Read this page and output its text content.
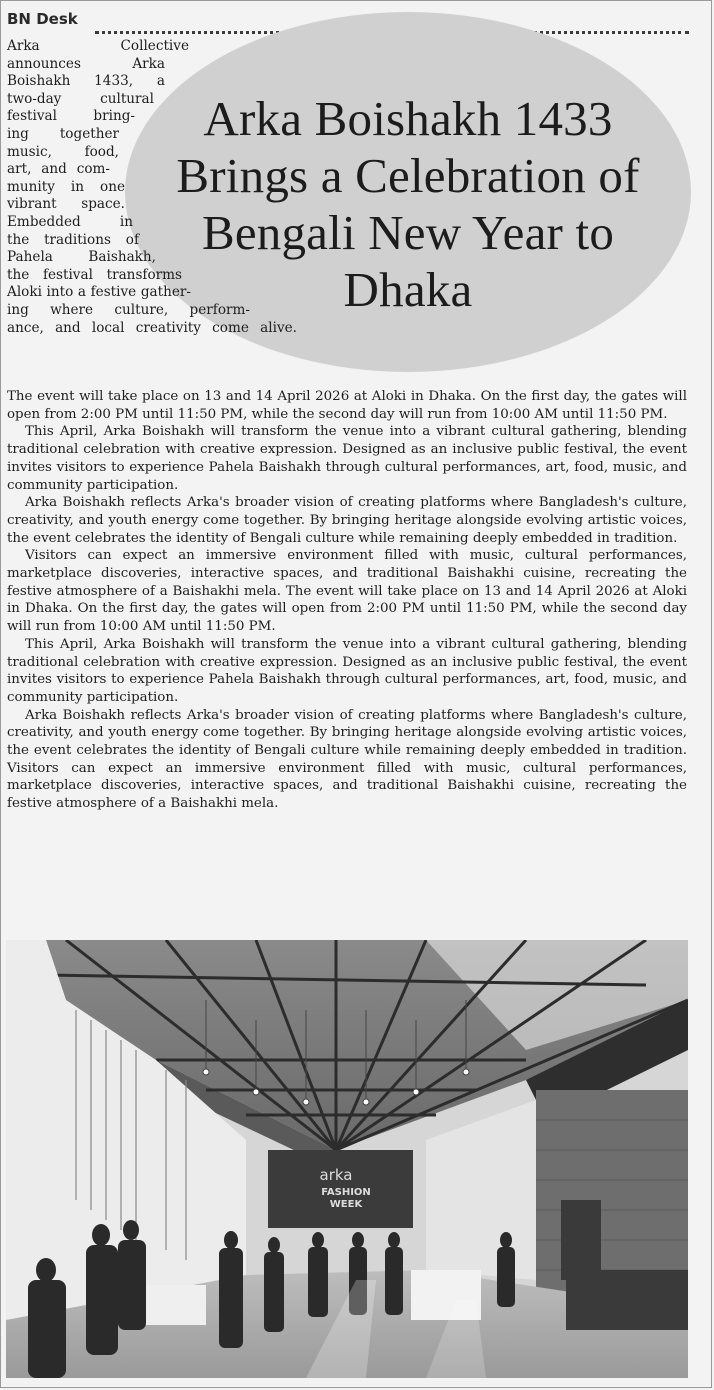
BN Desk

Arka Boishakh 1433 Brings a Celebration of Bengali New Year to Dhaka
Arka Collective
announces Arka
Boishakh 1433, a
two-day cultural
festival bring-
ing together
music, food,
art, and com-
munity in one
vibrant space.
Embedded in
the traditions of
Pahela Baishakh,
the festival transforms
Aloki into a festive gather-
ing where culture, perform-
ance, and local creativity come alive.

The event will take place on 13 and 14 April 2026 at Aloki in Dhaka. On the first day, the gates will open from 2:00 PM until 11:50 PM, while the second day will run from 10:00 AM until 11:50 PM.

This April, Arka Boishakh will transform the venue into a vibrant cultural gathering, blending traditional celebration with creative expression. Designed as an inclusive public festival, the event invites visitors to experience Pahela Baishakh through cultural performances, art, food, music, and community participation.

Arka Boishakh reflects Arka's broader vision of creating platforms where Bangladesh's culture, creativity, and youth energy come together. By bringing heritage alongside evolving artistic voices, the event celebrates the identity of Bengali culture while remaining deeply embedded in tradition.

Visitors can expect an immersive environment filled with music, cultural performances, marketplace discoveries, interactive spaces, and traditional Baishakhi cuisine, recreating the festive atmosphere of a Baishakhi mela. The event will take place on 13 and 14 April 2026 at Aloki in Dhaka. On the first day, the gates will open from 2:00 PM until 11:50 PM, while the second day will run from 10:00 AM until 11:50 PM.

This April, Arka Boishakh will transform the venue into a vibrant cultural gathering, blending traditional celebration with creative expression. Designed as an inclusive public festival, the event invites visitors to experience Pahela Baishakh through cultural performances, art, food, music, and community participation.

Arka Boishakh reflects Arka's broader vision of creating platforms where Bangladesh's culture, creativity, and youth energy come together. By bringing heritage alongside evolving artistic voices, the event celebrates the identity of Bengali culture while remaining deeply embedded in tradition. Visitors can expect an immersive environment filled with music, cultural performances, marketplace discoveries, interactive spaces, and traditional Baishakhi cuisine, recreating the festive atmosphere of a Baishakhi mela.

arka
FASHION
WEEK
